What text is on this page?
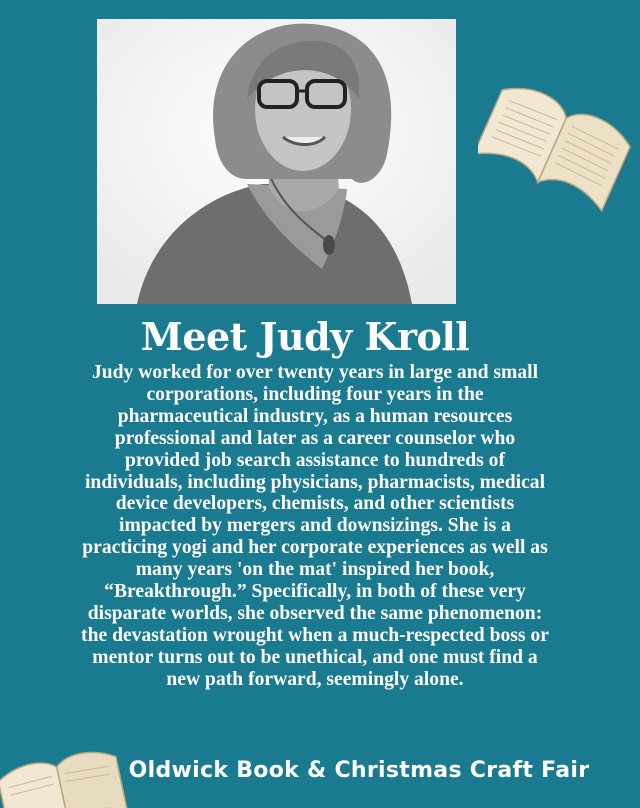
Meet Judy Kroll
Judy worked for over twenty years in large and small corporations, including four years in the pharmaceutical industry, as a human resources professional and later as a career counselor who provided job search assistance to hundreds of individuals, including physicians, pharmacists, medical device developers, chemists, and other scientists impacted by mergers and downsizings. She is a practicing yogi and her corporate experiences as well as many years 'on the mat' inspired her book, “Breakthrough.” Specifically, in both of these very disparate worlds, she observed the same phenomenon: the devastation wrought when a much-respected boss or mentor turns out to be unethical, and one must find a new path forward, seemingly alone.
Oldwick Book & Christmas Craft Fair
